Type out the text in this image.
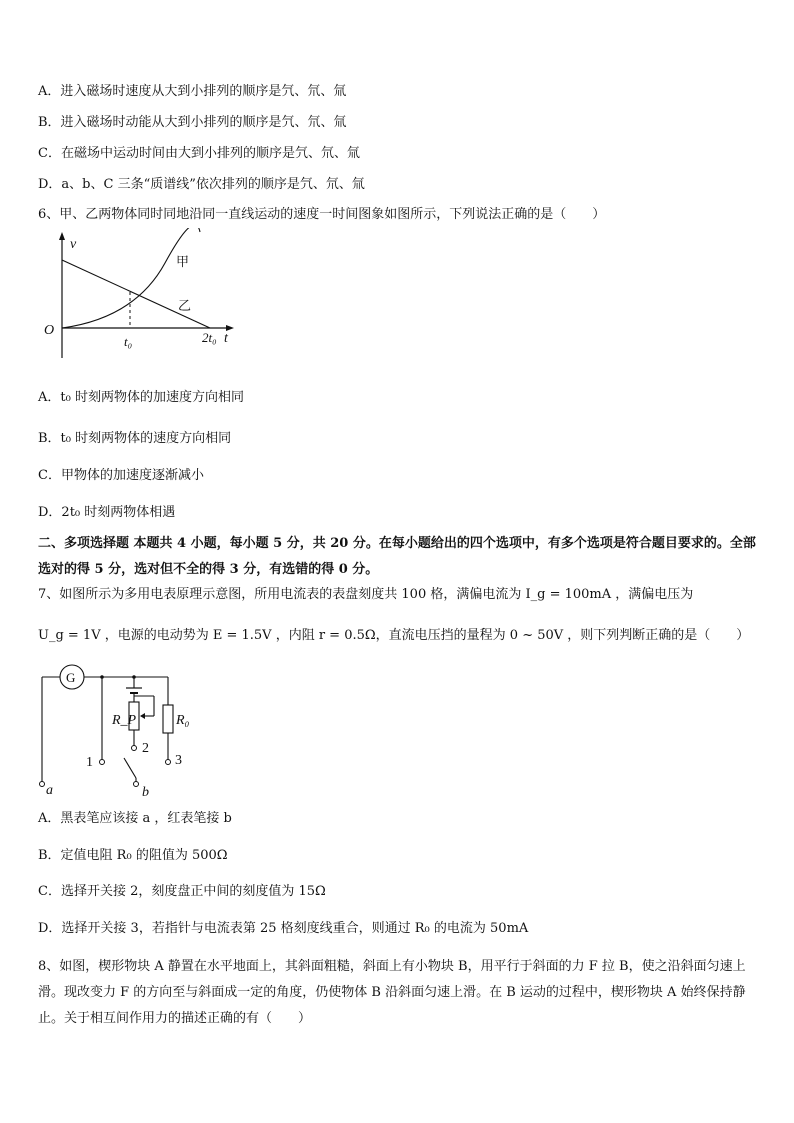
A．进入磁场时速度从大到小排列的顺序是氕、氘、氚
B．进入磁场时动能从大到小排列的顺序是氕、氘、氚
C．在磁场中运动时间由大到小排列的顺序是氕、氘、氚
D．a、b、C 三条“质谱线”依次排列的顺序是氕、氘、氚
6、甲、乙两物体同时同地沿同一直线运动的速度一时间图象如图所示，下列说法正确的是（　　）
v
t
O
t₀	2t₀
甲
乙
A．t₀ 时刻两物体的加速度方向相同
B．t₀ 时刻两物体的速度方向相同
C．甲物体的加速度逐渐减小
D．2t₀ 时刻两物体相遇
二、多项选择题 本题共 4 小题，每小题 5 分，共 20 分。在每小题给出的四个选项中，有多个选项是符合题目要求的。全部选对的得 5 分，选对但不全的得 3 分，有选错的得 0 分。
7、如图所示为多用电表原理示意图，所用电流表的表盘刻度共 100 格，满偏电流为 I_g = 100mA ，满偏电压为
U_g = 1V ，电源的电动势为 E = 1.5V ，内阻 r = 0.5Ω，直流电压挡的量程为 0 ~ 50V ，则下列判断正确的是（　　）
G
R_P	R₀
1
2
3
a	b
A．黑表笔应该接 a ，红表笔接 b
B．定值电阻 R₀ 的阻值为 500Ω
C．选择开关接 2，刻度盘正中间的刻度值为 15Ω
D．选择开关接 3，若指针与电流表第 25 格刻度线重合，则通过 R₀ 的电流为 50mA
8、如图，楔形物块 A 静置在水平地面上，其斜面粗糙，斜面上有小物块 B，用平行于斜面的力 F 拉 B，使之沿斜面匀速上滑。现改变力 F 的方向至与斜面成一定的角度，仍使物体 B 沿斜面匀速上滑。在 B 运动的过程中，楔形物块 A 始终保持静止。关于相互间作用力的描述正确的有（　　）
